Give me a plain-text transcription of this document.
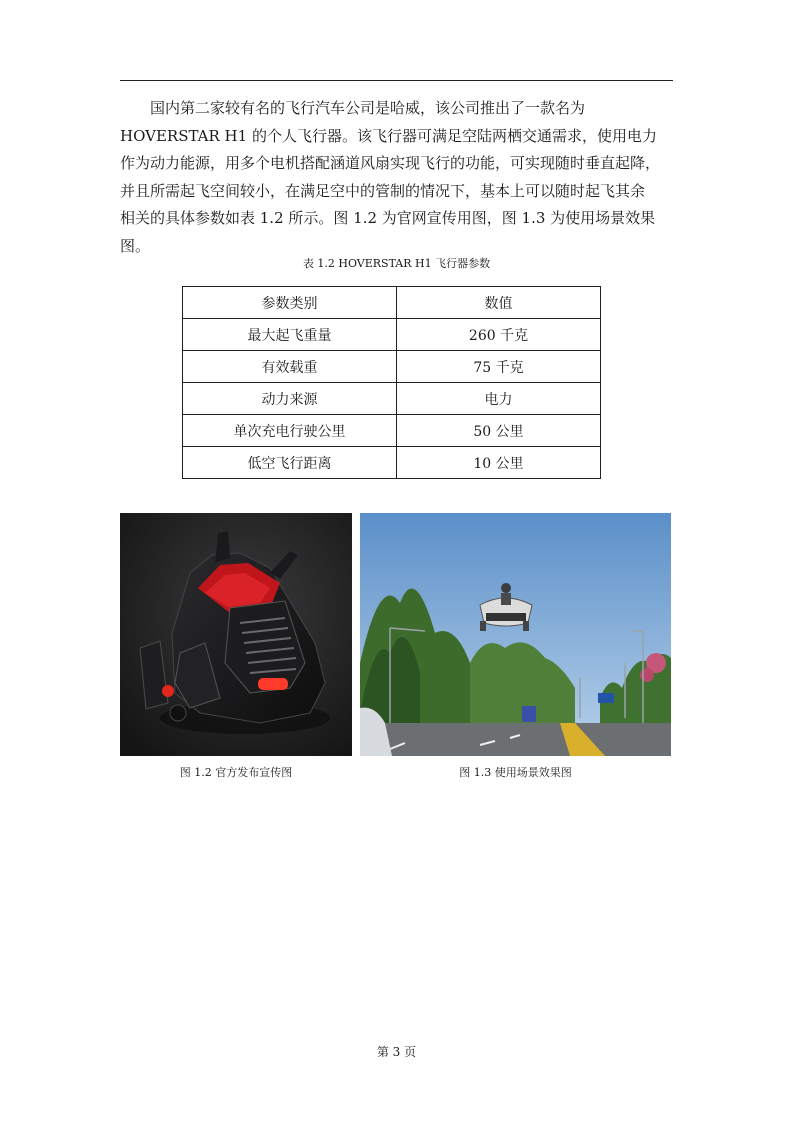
国内第二家较有名的飞行汽车公司是哈威，该公司推出了一款名为
HOVERSTAR H1 的个人飞行器。该飞行器可满足空陆两栖交通需求，使用电力
作为动力能源，用多个电机搭配涵道风扇实现飞行的功能，可实现随时垂直起降，
并且所需起飞空间较小，在满足空中的管制的情况下，基本上可以随时起飞其余
相关的具体参数如表 1.2 所示。图 1.2 为官网宣传用图，图 1.3 为使用场景效果
图。

表 1.2 HOVERSTAR H1 飞行器参数
参数类别	数值
最大起飞重量	260 千克
有效载重	75 千克
动力来源	电力
单次充电行驶公里	50 公里
低空飞行距离	10 公里
图 1.2 官方发布宣传图	图 1.3 使用场景效果图
第 3 页
